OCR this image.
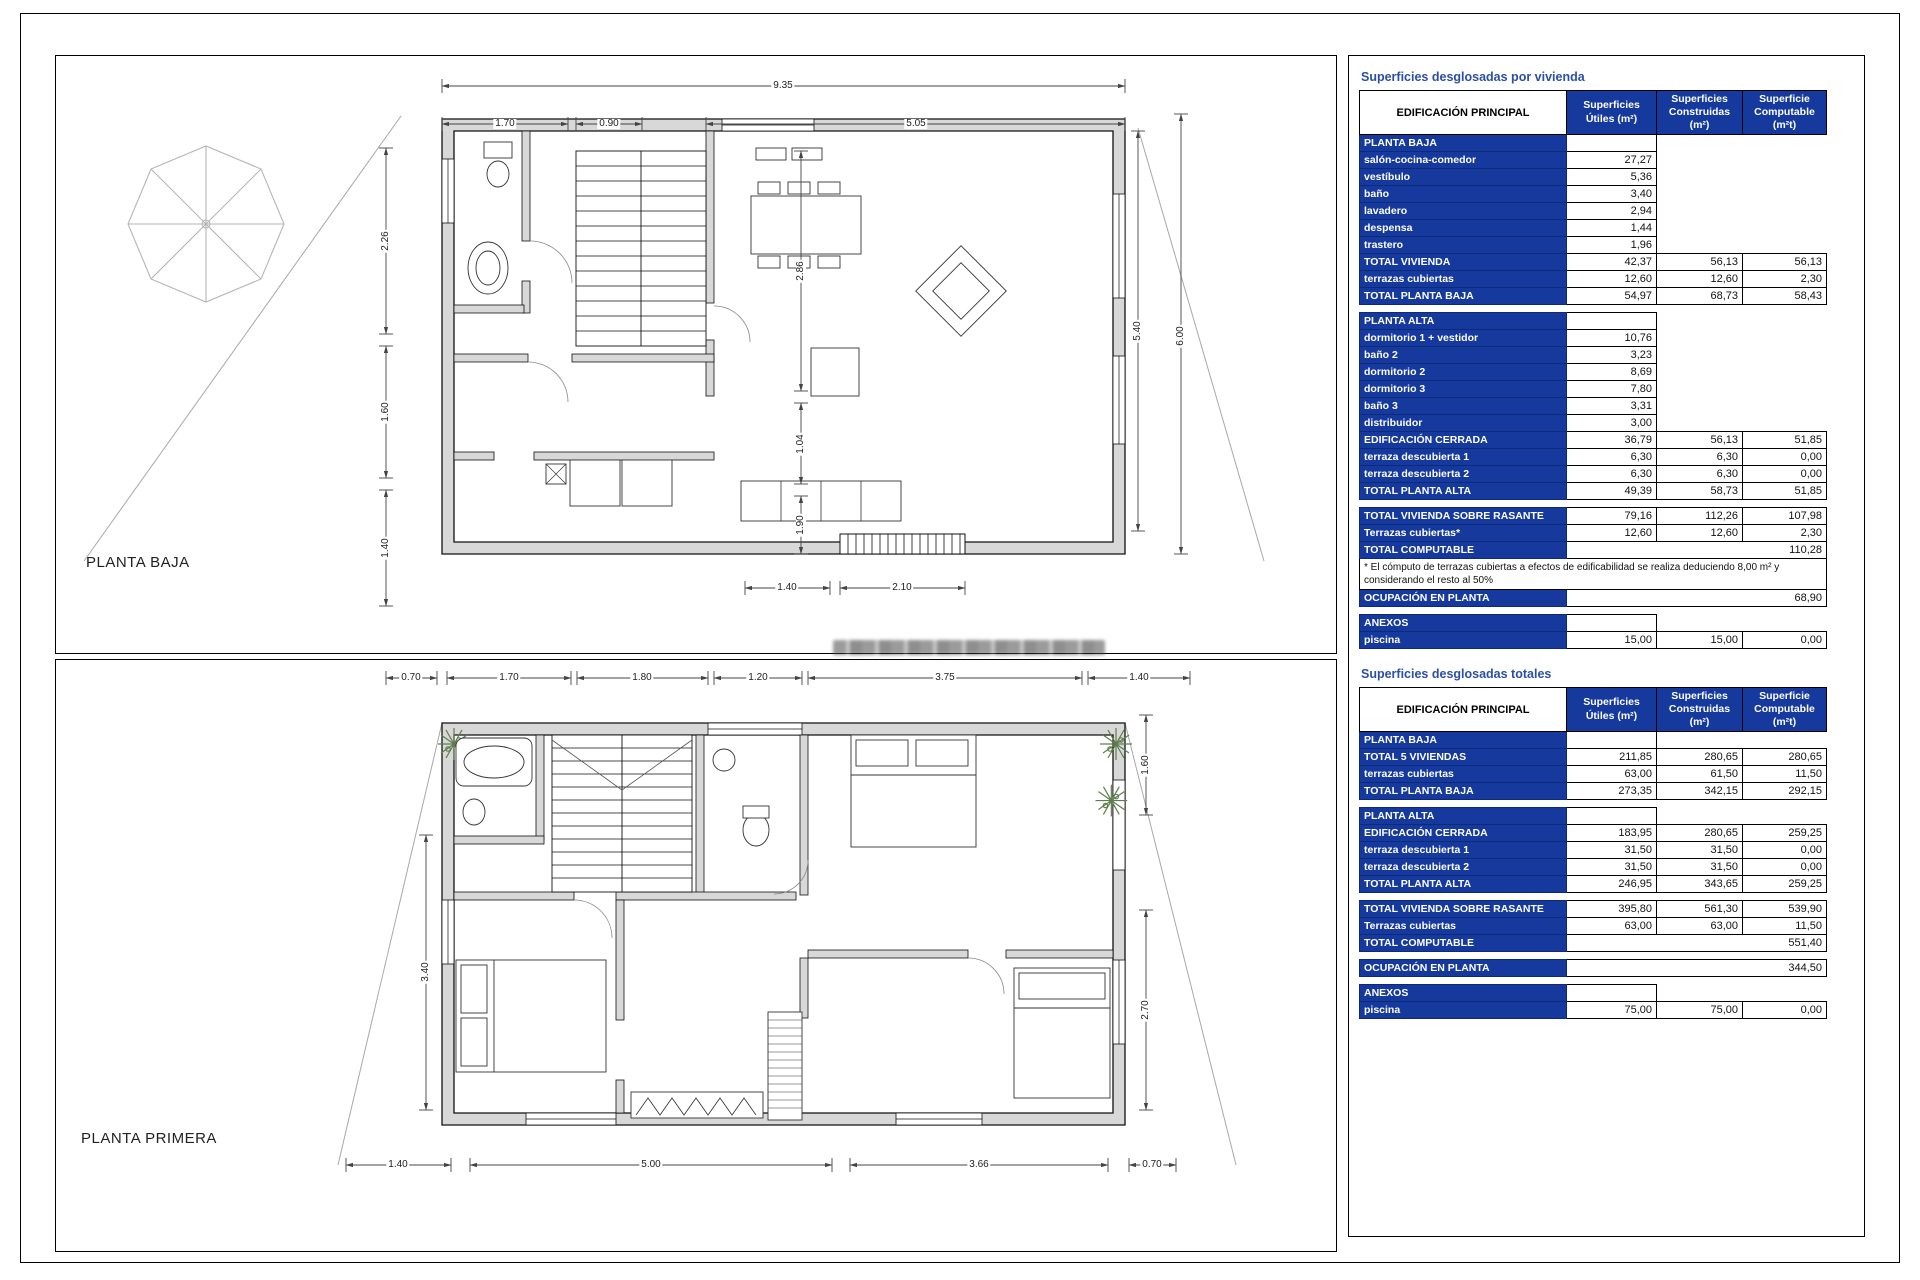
9.35
1.70	0.90	5.05
2.26
1.60
1.40
2.86
1.04
1.90
5.40	6.00
1.40	2.10
PLANTA BAJA
0.70	1.70	1.80	1.20	3.75	1.40
1.40	5.00	3.66	0.70
3.40
1.60
2.70
PLANTA PRIMERA
Superficies desglosadas por vivienda
EDIFICACIÓN PRINCIPAL	Superficies Útiles (m²)	Superficies Construidas (m²)	Superficie Computable (m²t)
PLANTA BAJA			
salón-cocina-comedor	27,27		
vestíbulo	5,36		
baño	3,40		
lavadero	2,94		
despensa	1,44		
trastero	1,96		
TOTAL VIVIENDA	42,37	56,13	56,13
terrazas cubiertas	12,60	12,60	2,30
TOTAL PLANTA BAJA	54,97	68,73	58,43

PLANTA ALTA			
dormitorio 1 + vestidor	10,76		
baño 2	3,23		
dormitorio 2	8,69		
dormitorio 3	7,80		
baño 3	3,31		
distribuidor	3,00		
EDIFICACIÓN CERRADA	36,79	56,13	51,85
terraza descubierta 1	6,30	6,30	0,00
terraza descubierta 2	6,30	6,30	0,00
TOTAL PLANTA ALTA	49,39	58,73	51,85

TOTAL VIVIENDA SOBRE RASANTE	79,16	112,26	107,98
Terrazas cubiertas*	12,60	12,60	2,30
TOTAL COMPUTABLE	110,28		
* El cómputo de terrazas cubiertas a efectos de edificabilidad se realiza deduciendo 8,00 m² y considerando el resto al 50%			
OCUPACIÓN EN PLANTA	68,90		

ANEXOS			
piscina	15,00	15,00	0,00
Superficies desglosadas totales
EDIFICACIÓN PRINCIPAL	Superficies Útiles (m²)	Superficies Construidas (m²)	Superficie Computable (m²t)
PLANTA BAJA			
TOTAL 5 VIVIENDAS	211,85	280,65	280,65
terrazas cubiertas	63,00	61,50	11,50
TOTAL PLANTA BAJA	273,35	342,15	292,15

PLANTA ALTA			
EDIFICACIÓN CERRADA	183,95	280,65	259,25
terraza descubierta 1	31,50	31,50	0,00
terraza descubierta 2	31,50	31,50	0,00
TOTAL PLANTA ALTA	246,95	343,65	259,25

TOTAL VIVIENDA SOBRE RASANTE	395,80	561,30	539,90
Terrazas cubiertas	63,00	63,00	11,50
TOTAL COMPUTABLE	551,40		

OCUPACIÓN EN PLANTA	344,50		

ANEXOS			
piscina	75,00	75,00	0,00
